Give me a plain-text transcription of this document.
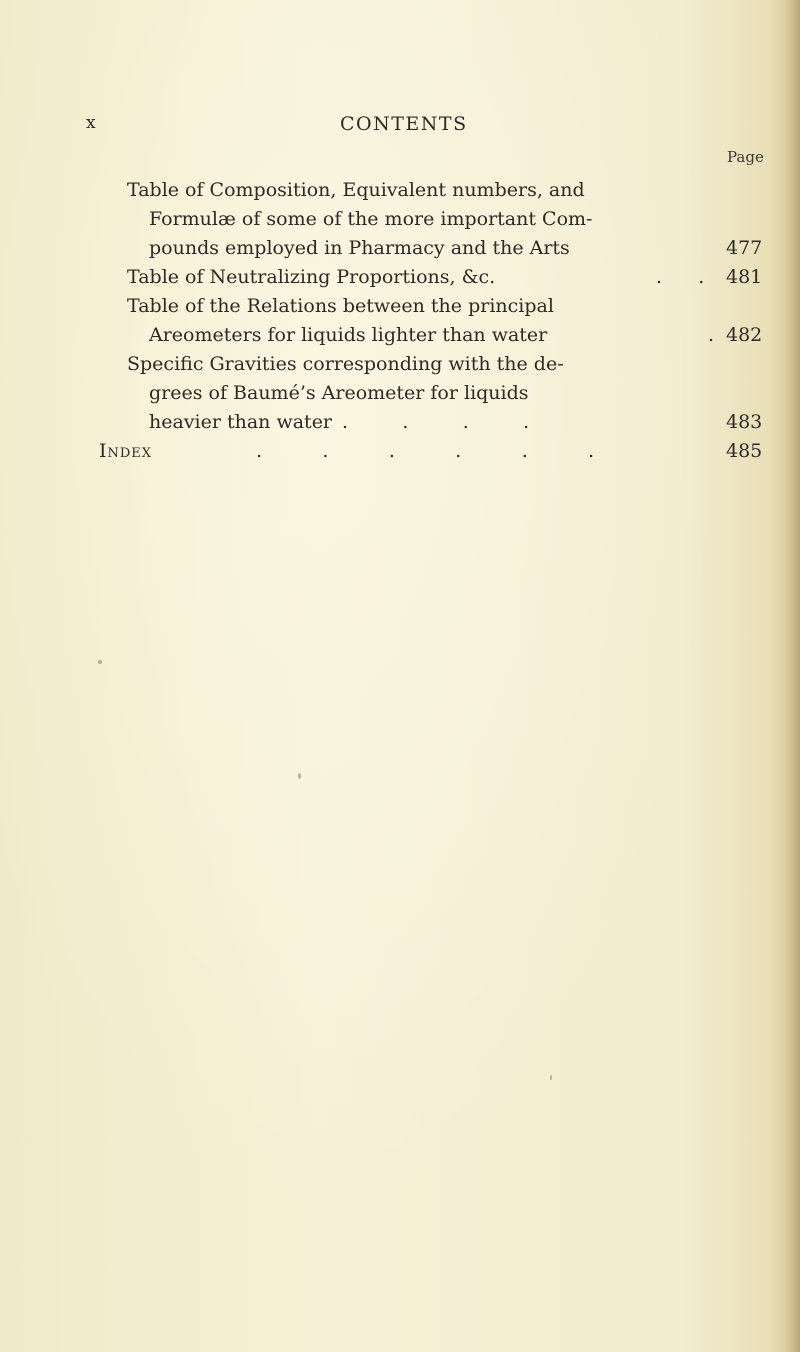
x	CONTENTS
Page
Table of Composition, Equivalent numbers, and
Formulæ of some of the more important Com-
pounds employed in Pharmacy and the Arts	477
Table of Neutralizing Proportions, &c.	.      . 481
Table of the Relations between the principal
Areometers for liquids lighter than water	. 482
Specific Gravities corresponding with the de-
grees of Baumé’s Areometer for liquids
heavier than water .         .         .         .	483
Index	.          .          .          .          .          .	485
